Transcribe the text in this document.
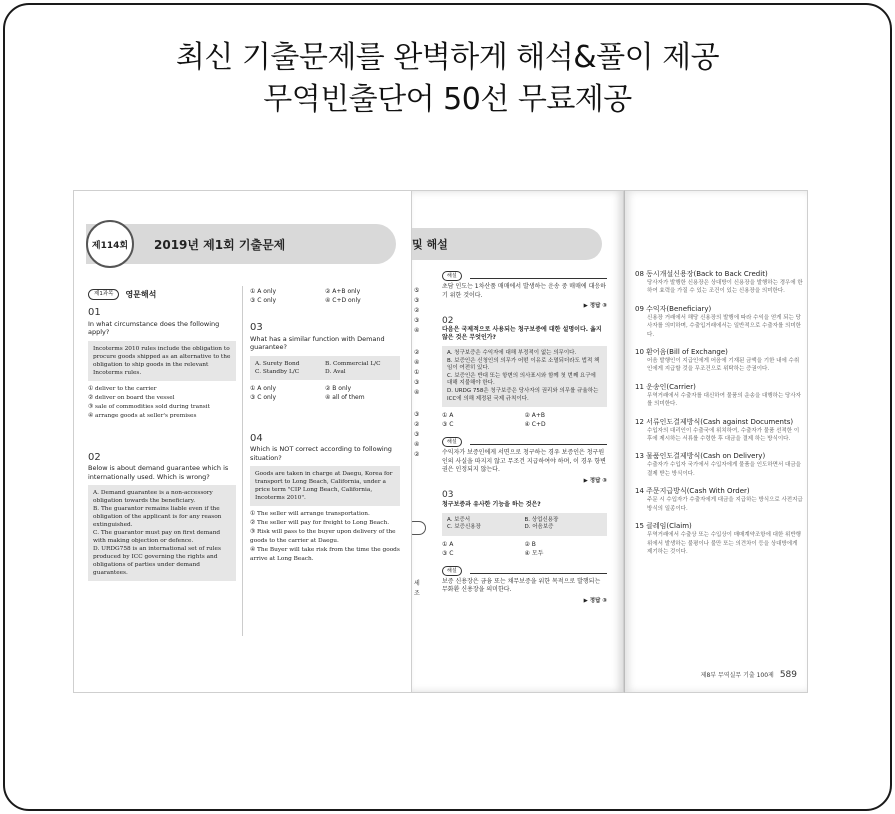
최신 기출문제를 완벽하게 해석&풀이 제공
무역빈출단어 50선 무료제공
제114회	2019년 제1회 기출문제
제1과목	영문해석
01
In what circumstance does the following apply?
Incoterms 2010 rules include the obligation to procure goods shipped as an alternative to the obligation to ship goods in the relevant Incoterms rules.
① deliver to the carrier
② deliver on board the vessel
③ sale of commodities sold during transit
④ arrange goods at seller's premises
02
Below is about demand guarantee which is internationally used. Which is wrong?
A. Demand guarantee is a non-accessory obligation towards the beneficiary.
B. The guarantor remains liable even if the obligation of the applicant is for any reason extinguished.
C. The guarantor must pay on first demand with making objection or defence.
D. URDG758 is an international set of rules produced by ICC governing the rights and obligations of parties under demand guarantees.
① A only	② A+B only
③ C only	④ C+D only
03
What has a similar function with Demand guarantee?
A. Surety Bond	B. Commercial L/C
C. Standby L/C	D. Aval
① A only	② B only
③ C only	④ all of them
04
Which is NOT correct according to following situation?
Goods are taken in charge at Daegu, Korea for transport to Long Beach, California, under a price term "CIP Long Beach, California, Incoterms 2010".
① The seller will arrange transportation.
② The seller will pay for freight to Long Beach.
③ Risk will pass to the buyer upon delivery of the goods to the carrier at Daegu.
④ The Buyer will take risk from the time the goods arrive at Long Beach.
및 해설
⑤
③
②
③
④
②
④
①
③
④
③
②
③
④
②
세
조
해설
초담 인도는 1차산품 매매에서 발생하는 운송 중 매매에 대응하기 위한 것이다.
▶ 정답 ③
02
다음은 국제적으로 사용되는 청구보증에 대한 설명이다. 옳지 않은 것은 무엇인가?
A. 청구보증은 수익자에 대해 부정적이 없는 의무이다.
B. 보증인은 신청인의 의무가 어떤 이유로 소멸되더라도 법적 책임이 여전히 있다.
C. 보증인은 반대 또는 항변의 의사표시와 함께 첫 번째 요구에 대해 지불해야 한다.
D. URDG 758은 청구보증은 당사자의 권리와 의무를 규율하는 ICC에 의해 제정된 국제 규칙이다.
① A	② A+B
③ C	④ C+D
해설
수익자가 보증인에게 서면으로 청구하는 경우 보증인은 청구원인의 사실을 따지지 않고 무조건 지급하여야 하며, 이 경우 항변권은 인정되지 않는다.
▶ 정답 ③
03
청구보증과 유사한 기능을 하는 것은?
A. 보증서	B. 상업신용장
C. 보증신용장	D. 어음보증
① A	② B
③ C	④ 모두
해설
보증 신용장은 금융 또는 채무보증을 위한 목적으로 발행되는 무화환 신용장을 의미한다.
▶ 정답 ③
08 동시개설신용장(Back to Back Credit)
당사자가 발행한 신용장은 상대방이 신용장을 발행하는 경우에 한하여 효력을 가질 수 있는 조건이 있는 신용장을 의미한다.
09 수익자(Beneficiary)
신용장 거래에서 해당 신용장의 발행에 따라 수익을 얻게 되는 당사자를 의미하며, 수출입거래에서는 일반적으로 수출자를 의미한다.
10 환어음(Bill of Exchange)
어음 발행인이 지급인에게 어음에 기재된 금액을 기한 내에 수취인에게 지급할 것을 무조건으로 위탁하는 증권이다.
11 운송인(Carrier)
무역거래에서 수출자를 대신하여 물품의 운송을 대행하는 당사자를 의미한다.
12 서류인도결제방식(Cash against Documents)
수입자의 대리인이 수출국에 위치하여, 수출자가 물품 선적한 이후에 제시하는 서류를 수령한 후 대금을 결제 하는 방식이다.
13 물품인도결제방식(Cash on Delivery)
수출자가 수입자 국가에서 수입자에게 물품을 인도하면서 대금을 결제 받는 방식이다.
14 주문지급방식(Cash With Order)
주문 시 수입자가 수출자에게 대금을 지급하는 방식으로 사전지급방식의 일종이다.
15 클레임(Claim)
무역거래에서 수출상 또는 수입상이 매매계약조항에 대한 위반행위에서 발생하는 불평이나 불만 또는 의견차이 등을 상대방에게 제기하는 것이다.
제8부 무역실무 기출 100제 589
